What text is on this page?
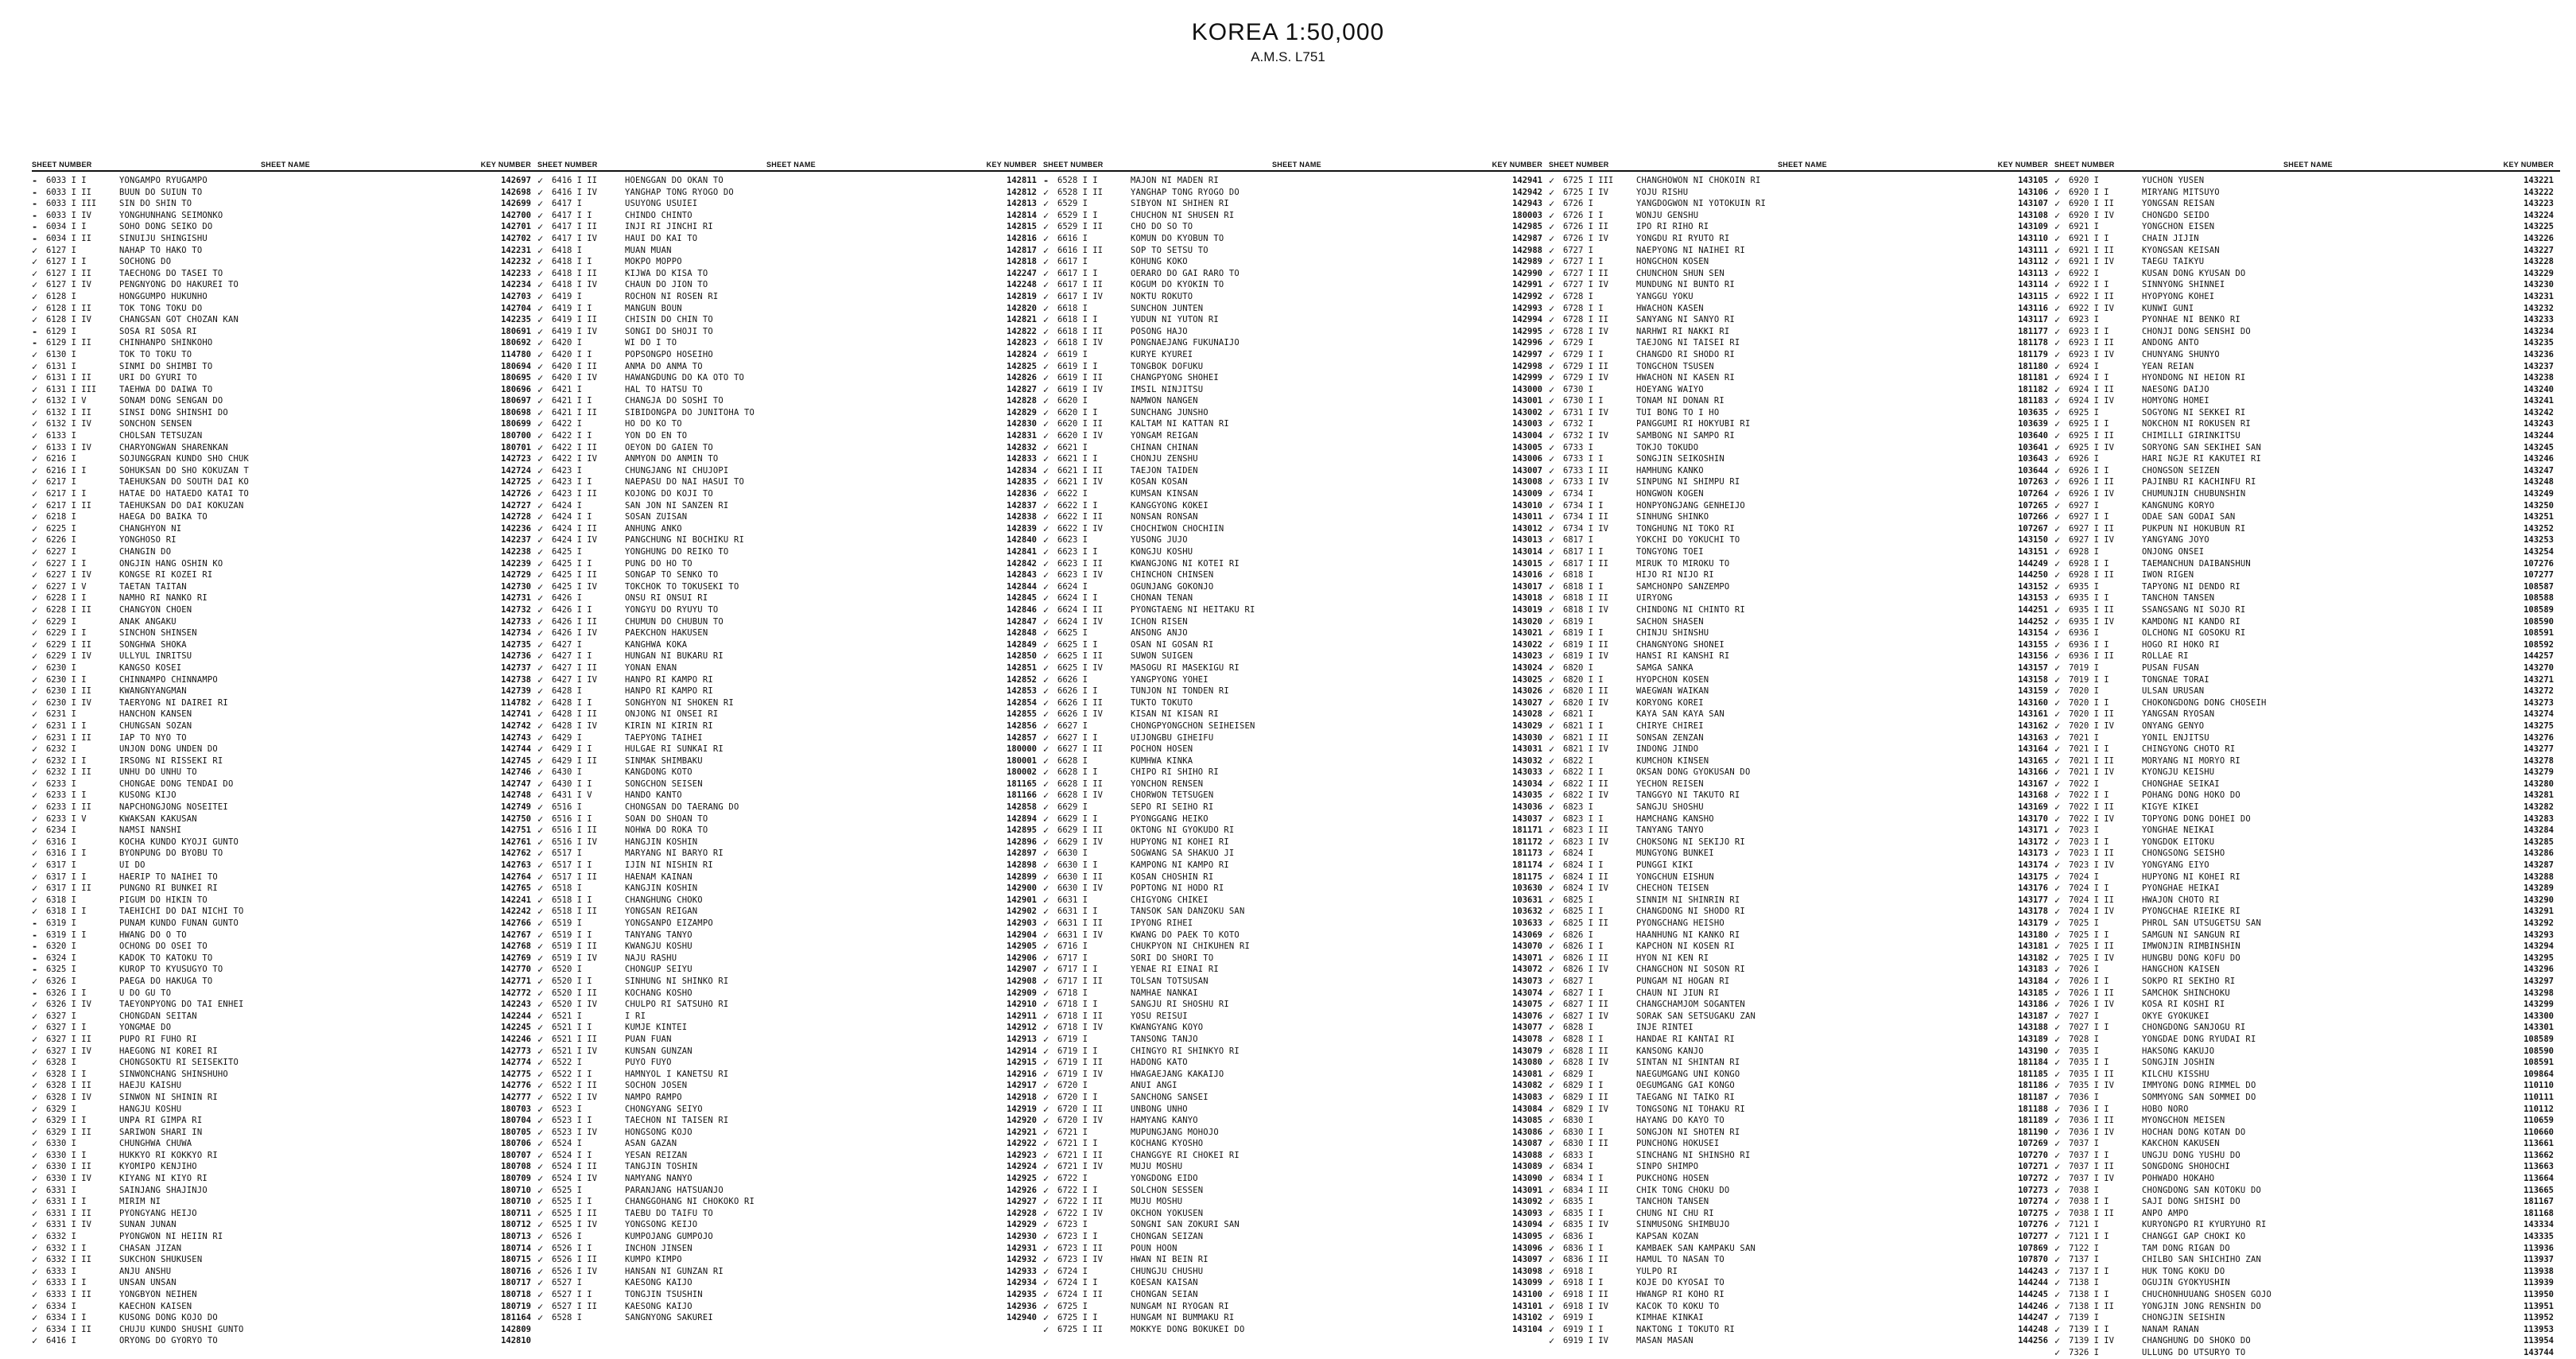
KOREA 1:50,000
A.M.S. L751
SHEET NUMBER	SHEET NAME	KEY NUMBER
-	6033 I I	YONGAMPO RYUGAMPO	142697
-	6033 I II	BUUN DO SUIUN TO	142698
-	6033 I III	SIN DO SHIN TO	142699
-	6033 I IV	YONGHUNHANG SEIMONKO	142700
-	6034 I I	SOHO DONG SEIKO DO	142701
-	6034 I II	SINUIJU SHINGISHU	142702
✓	6127 I	NAHAP TO HAKO TO	142231
✓	6127 I I	SOCHONG DO	142232
✓	6127 I II	TAECHONG DO TASEI TO	142233
✓	6127 I IV	PENGNYONG DO HAKUREI TO	142234
✓	6128 I	HONGGUMPO HUKUNHO	142703
✓	6128 I II	TOK TONG TOKU DO	142704
✓	6128 I IV	CHANGSAN GOT CHOZAN KAN	142235
-	6129 I	SOSA RI SOSA RI	180691
-	6129 I II	CHINHANPO SHINKOHO	180692
✓	6130 I	TOK TO TOKU TO	114780
✓	6131 I	SINMI DO SHIMBI TO	180694
✓	6131 I II	URI DO GYURI TO	180695
✓	6131 I III	TAEHWA DO DAIWA TO	180696
✓	6132 I V	SONAM DONG SENGAN DO	180697
✓	6132 I II	SINSI DONG SHINSHI DO	180698
✓	6132 I IV	SONCHON SENSEN	180699
✓	6133 I	CHOLSAN TETSUZAN	180700
✓	6133 I IV	CHARYONGWAN SHARENKAN	180701
✓	6216 I	SOJUNGGRAN KUNDO SHO CHUK	142723
✓	6216 I I	SOHUKSAN DO SHO KOKUZAN T	142724
✓	6217 I	TAEHUKSAN DO SOUTH DAI KO	142725
✓	6217 I I	HATAE DO HATAEDO KATAI TO	142726
✓	6217 I II	TAEHUKSAN DO DAI KOKUZAN	142727
✓	6218 I	HAEGA DO BAIKA TO	142728
✓	6225 I	CHANGHYON NI	142236
✓	6226 I	YONGHOSO RI	142237
✓	6227 I	CHANGIN DO	142238
✓	6227 I I	ONGJIN HANG OSHIN KO	142239
✓	6227 I IV	KONGSE RI KOZEI RI	142729
✓	6227 I V	TAETAN TAITAN	142730
✓	6228 I I	NAMHO RI NANKO RI	142731
✓	6228 I II	CHANGYON CHOEN	142732
✓	6229 I	ANAK ANGAKU	142733
✓	6229 I I	SINCHON SHINSEN	142734
✓	6229 I II	SONGHWA SHOKA	142735
✓	6229 I IV	ULLYUL INRITSU	142736
✓	6230 I	KANGSO KOSEI	142737
✓	6230 I I	CHINNAMPO CHINNAMPO	142738
✓	6230 I II	KWANGNYANGMAN	142739
✓	6230 I IV	TAERYONG NI DAIREI RI	114782
✓	6231 I	HANCHON KANSEN	142741
✓	6231 I I	CHUNGSAN SOZAN	142742
✓	6231 I II	IAP TO NYO TO	142743
✓	6232 I	UNJON DONG UNDEN DO	142744
✓	6232 I I	IRSONG NI RISSEKI RI	142745
✓	6232 I II	UNHU DO UNHU TO	142746
✓	6233 I	CHONGAE DONG TENDAI DO	142747
✓	6233 I I	KUSONG KIJO	142748
✓	6233 I II	NAPCHONGJONG NOSEITEI	142749
✓	6233 I V	KWAKSAN KAKUSAN	142750
✓	6234 I	NAMSI NANSHI	142751
✓	6316 I	KOCHA KUNDO KYOJI GUNTO	142761
✓	6316 I I	BYONPUNG DO BYOBU TO	142762
✓	6317 I	UI DO	142763
✓	6317 I I	HAERIP TO NAIHEI TO	142764
✓	6317 I II	PUNGNO RI BUNKEI RI	142765
✓	6318 I	PIGUM DO HIKIN TO	142241
✓	6318 I I	TAEHICHI DO DAI NICHI TO	142242
-	6319 I	PUNAM KUNDO FUNAN GUNTO	142766
-	6319 I I	HWANG DO O TO	142767
-	6320 I	OCHONG DO OSEI TO	142768
-	6324 I	KADOK TO KATOKU TO	142769
-	6325 I	KUROP TO KYUSUGYO TO	142770
✓	6326 I	PAEGA DO HAKUGA TO	142771
-	6326 I I	U DO GU TO	142772
✓	6326 I IV	TAEYONPYONG DO TAI ENHEI	142243
✓	6327 I	CHONGDAN SEITAN	142244
✓	6327 I I	YONGMAE DO	142245
✓	6327 I II	PUPO RI FUHO RI	142246
✓	6327 I IV	HAEGONG NI KOREI RI	142773
✓	6328 I	CHONGSOKTU RI SEISEKITO	142774
✓	6328 I I	SINWONCHANG SHINSHUHO	142775
✓	6328 I II	HAEJU KAISHU	142776
✓	6328 I IV	SINWON NI SHININ RI	142777
✓	6329 I	HANGJU KOSHU	180703
✓	6329 I I	UNPA RI GIMPA RI	180704
✓	6329 I II	SARIWON SHARI IN	180705
✓	6330 I	CHUNGHWA CHUWA	180706
✓	6330 I I	HUKKYO RI KOKKYO RI	180707
✓	6330 I II	KYOMIPO KENJIHO	180708
✓	6330 I IV	KIYANG NI KIYO RI	180709
✓	6331 I	SAINJANG SHAJINJO	180710
✓	6331 I I	MIRIM NI	180710
✓	6331 I II	PYONGYANG HEIJO	180711
✓	6331 I IV	SUNAN JUNAN	180712
✓	6332 I	PYONGWON NI HEIIN RI	180713
✓	6332 I I	CHASAN JIZAN	180714
✓	6332 I II	SUKCHON SHUKUSEN	180715
✓	6333 I	ANJU ANSHU	180716
✓	6333 I I	UNSAN UNSAN	180717
✓	6333 I II	YONGBYON NEIHEN	180718
✓	6334 I	KAECHON KAISEN	180719
✓	6334 I I	KUSONG DONG KOJO DO	181164
✓	6334 I II	CHUJU KUNDO SHUSHI GUNTO	142809
✓	6416 I	ORYONG DO GYORYO TO	142810
SHEET NUMBER	SHEET NAME	KEY NUMBER
✓	6416 I II	HOENGGAN DO OKAN TO	142811
✓	6416 I IV	YANGHAP TONG RYOGO DO	142812
✓	6417 I	USUYONG USUIEI	142813
✓	6417 I I	CHINDO CHINTO	142814
✓	6417 I II	INJI RI JINCHI RI	142815
✓	6417 I IV	HAUI DO KAI TO	142816
✓	6418 I	MUAN MUAN	142817
✓	6418 I I	MOKPO MOPPO	142818
✓	6418 I II	KIJWA DO KISA TO	142247
✓	6418 I IV	CHAUN DO JION TO	142248
✓	6419 I	ROCHON NI ROSEN RI	142819
✓	6419 I I	MANGUN BOUN	142820
✓	6419 I II	CHISIN DO CHIN TO	142821
✓	6419 I IV	SONGI DO SHOJI TO	142822
✓	6420 I	WI DO I TO	142823
✓	6420 I I	POPSONGPO HOSEIHO	142824
✓	6420 I II	ANMA DO ANMA TO	142825
✓	6420 I IV	HAWANGDUNG DO KA OTO TO	142826
✓	6421 I	HAL TO HATSU TO	142827
✓	6421 I I	CHANGJA DO SOSHI TO	142828
✓	6421 I II	SIBIDONGPA DO JUNITOHA TO	142829
✓	6422 I	HO DO KO TO	142830
✓	6422 I I	YON DO EN TO	142831
✓	6422 I II	OEYON DO GAIEN TO	142832
✓	6422 I IV	ANMYON DO ANMIN TO	142833
✓	6423 I	CHUNGJANG NI CHUJOPI	142834
✓	6423 I I	NAEPASU DO NAI HASUI TO	142835
✓	6423 I II	KOJONG DO KOJI TO	142836
✓	6424 I	SAN JON NI SANZEN RI	142837
✓	6424 I I	SOSAN ZUISAN	142838
✓	6424 I II	ANHUNG ANKO	142839
✓	6424 I IV	PANGCHUNG NI BOCHIKU RI	142840
✓	6425 I	YONGHUNG DO REIKO TO	142841
✓	6425 I I	PUNG DO HO TO	142842
✓	6425 I II	SONGAP TO SENKO TO	142843
✓	6425 I IV	TOKCHOK TO TOKUSEKI TO	142844
✓	6426 I	ONSU RI ONSUI RI	142845
✓	6426 I I	YONGYU DO RYUYU TO	142846
✓	6426 I II	CHUMUN DO CHUBUN TO	142847
✓	6426 I IV	PAEKCHON HAKUSEN	142848
✓	6427 I	KANGHWA KOKA	142849
✓	6427 I I	HUNGAN NI BUKARU RI	142850
✓	6427 I II	YONAN ENAN	142851
✓	6427 I IV	HANPO RI KAMPO RI	142852
✓	6428 I	HANPO RI KAMPO RI	142853
✓	6428 I I	SONGHYON NI SHOKEN RI	142854
✓	6428 I II	ONJONG NI ONSEI RI	142855
✓	6428 I IV	KIRIN NI KIRIN RI	142856
✓	6429 I	TAEPYONG TAIHEI	142857
✓	6429 I I	HULGAE RI SUNKAI RI	180000
✓	6429 I II	SINMAK SHIMBAKU	180001
✓	6430 I	KANGDONG KOTO	180002
✓	6430 I I	SONGCHON SEISEN	181165
✓	6431 I V	HANDO KANTO	181166
✓	6516 I	CHONGSAN DO TAERANG DO	142858
✓	6516 I I	SOAN DO SHOAN TO	142894
✓	6516 I II	NOHWA DO ROKA TO	142895
✓	6516 I IV	HANGJIN KOSHIN	142896
✓	6517 I	MARYANG NI BARYO RI	142897
✓	6517 I I	IJIN NI NISHIN RI	142898
✓	6517 I II	HAENAM KAINAN	142899
✓	6518 I	KANGJIN KOSHIN	142900
✓	6518 I I	CHANGHUNG CHOKO	142901
✓	6518 I II	YONGSAN REIGAN	142902
✓	6519 I	YONGSANPO EIZAMPO	142903
✓	6519 I I	TANYANG TANYO	142904
✓	6519 I II	KWANGJU KOSHU	142905
✓	6519 I IV	NAJU RASHU	142906
✓	6520 I	CHONGUP SEIYU	142907
✓	6520 I I	SINHUNG NI SHINKO RI	142908
✓	6520 I II	KOCHANG KOSHO	142909
✓	6520 I IV	CHULPO RI SATSUHO RI	142910
✓	6521 I	I RI	142911
✓	6521 I I	KUMJE KINTEI	142912
✓	6521 I II	PUAN FUAN	142913
✓	6521 I IV	KUNSAN GUNZAN	142914
✓	6522 I	PUYO FUYO	142915
✓	6522 I I	HAMNYOL I KANETSU RI	142916
✓	6522 I II	SOCHON JOSEN	142917
✓	6522 I IV	NAMPO RAMPO	142918
✓	6523 I	CHONGYANG SEIYO	142919
✓	6523 I I	TAECHON NI TAISEN RI	142920
✓	6523 I IV	HONGSONG KOJO	142921
✓	6524 I	ASAN GAZAN	142922
✓	6524 I I	YESAN REIZAN	142923
✓	6524 I II	TANGJIN TOSHIN	142924
✓	6524 I IV	NAMYANG NANYO	142925
✓	6525 I	PARANJANG HATSUANJO	142926
✓	6525 I I	CHANGGOHANG NI CHOKOKO RI	142927
✓	6525 I II	TAEBU DO TAIFU TO	142928
✓	6525 I IV	YONGSONG KEIJO	142929
✓	6526 I	KUMPOJANG GUMPOJO	142930
✓	6526 I I	INCHON JINSEN	142931
✓	6526 I II	KUMPO KIMPO	142932
✓	6526 I IV	HANSAN NI GUNZAN RI	142933
✓	6527 I	KAESONG KAIJO	142934
✓	6527 I I	TONGJIN TSUSHIN	142935
✓	6527 I II	KAESONG KAIJO	142936
✓	6528 I	SANGNYONG SAKUREI	142940
SHEET NUMBER	SHEET NAME	KEY NUMBER
-	6528 I I	MAJON NI MADEN RI	142941
✓	6528 I II	YANGHAP TONG RYOGO DO	142942
✓	6529 I	SIBYON NI SHIHEN RI	142943
✓	6529 I I	CHUCHON NI SHUSEN RI	180003
✓	6529 I II	CHO DO SO TO	142985
✓	6616 I	KOMUN DO KYOBUN TO	142987
✓	6616 I II	SOP TO SETSU TO	142988
✓	6617 I	KOHUNG KOKO	142989
✓	6617 I I	OERARO DO GAI RARO TO	142990
✓	6617 I II	KOGUM DO KYOKIN TO	142991
✓	6617 I IV	NOKTU ROKUTO	142992
✓	6618 I	SUNCHON JUNTEN	142993
✓	6618 I I	YUDUN NI YUTON RI	142994
✓	6618 I II	POSONG HAJO	142995
✓	6618 I IV	PONGNAEJANG FUKUNAIJO	142996
✓	6619 I	KURYE KYUREI	142997
✓	6619 I I	TONGBOK DOFUKU	142998
✓	6619 I II	CHANGPYONG SHOHEI	142999
✓	6619 I IV	IMSIL NINJITSU	143000
✓	6620 I	NAMWON NANGEN	143001
✓	6620 I I	SUNCHANG JUNSHO	143002
✓	6620 I II	KALTAM NI KATTAN RI	143003
✓	6620 I IV	YONGAM REIGAN	143004
✓	6621 I	CHINAN CHINAN	143005
✓	6621 I I	CHONJU ZENSHU	143006
✓	6621 I II	TAEJON TAIDEN	143007
✓	6621 I IV	KOSAN KOSAN	143008
✓	6622 I	KUMSAN KINSAN	143009
✓	6622 I I	KANGGYONG KOKEI	143010
✓	6622 I II	NONSAN RONSAN	143011
✓	6622 I IV	CHOCHIWON CHOCHIIN	143012
✓	6623 I	YUSONG JUJO	143013
✓	6623 I I	KONGJU KOSHU	143014
✓	6623 I II	KWANGJONG NI KOTEI RI	143015
✓	6623 I IV	CHINCHON CHINSEN	143016
✓	6624 I	OGUNJANG GOKONJO	143017
✓	6624 I I	CHONAN TENAN	143018
✓	6624 I II	PYONGTAENG NI HEITAKU RI	143019
✓	6624 I IV	ICHON RISEN	143020
✓	6625 I	ANSONG ANJO	143021
✓	6625 I I	OSAN NI GOSAN RI	143022
✓	6625 I II	SUWON SUIGEN	143023
✓	6625 I IV	MASOGU RI MASEKIGU RI	143024
✓	6626 I	YANGPYONG YOHEI	143025
✓	6626 I I	TUNJON NI TONDEN RI	143026
✓	6626 I II	TUKTO TOKUTO	143027
✓	6626 I IV	KISAN NI KISAN RI	143028
✓	6627 I	CHONGPYONGCHON SEIHEISEN	143029
✓	6627 I I	UIJONGBU GIHEIFU	143030
✓	6627 I II	POCHON HOSEN	143031
✓	6628 I	KUMHWA KINKA	143032
✓	6628 I I	CHIPO RI SHIHO RI	143033
✓	6628 I II	YONCHON RENSEN	143034
✓	6628 I IV	CHORWON TETSUGEN	143035
✓	6629 I	SEPO RI SEIHO RI	143036
✓	6629 I I	PYONGGANG HEIKO	143037
✓	6629 I II	OKTONG NI GYOKUDO RI	181171
✓	6629 I IV	HUPYONG NI KOHEI RI	181172
✓	6630 I	SOGWANG SA SHAKUO JI	181173
✓	6630 I I	KAMPONG NI KAMPO RI	181174
✓	6630 I II	KOSAN CHOSHIN RI	181175
✓	6630 I IV	POPTONG NI HODO RI	103630
✓	6631 I	CHIGYONG CHIKEI	103631
✓	6631 I I	TANSOK SAN DANZOKU SAN	103632
✓	6631 I II	IPYONG RIHEI	103633
✓	6631 I IV	KWANG DO PAEK TO KOTO	143069
✓	6716 I	CHUKPYON NI CHIKUHEN RI	143070
✓	6717 I	SORI DO SHORI TO	143071
✓	6717 I I	YENAE RI EINAI RI	143072
✓	6717 I II	TOLSAN TOTSUSAN	143073
✓	6718 I	NAMHAE NANKAI	143074
✓	6718 I I	SANGJU RI SHOSHU RI	143075
✓	6718 I II	YOSU REISUI	143076
✓	6718 I IV	KWANGYANG KOYO	143077
✓	6719 I	TANSONG TANJO	143078
✓	6719 I I	CHINGYO RI SHINKYO RI	143079
✓	6719 I II	HADONG KATO	143080
✓	6719 I IV	HWAGAEJANG KAKAIJO	143081
✓	6720 I	ANUI ANGI	143082
✓	6720 I I	SANCHONG SANSEI	143083
✓	6720 I II	UNBONG UNHO	143084
✓	6720 I IV	HAMYANG KANYO	143085
✓	6721 I	MUPUNGJANG MOHOJO	143086
✓	6721 I I	KOCHANG KYOSHO	143087
✓	6721 I II	CHANGGYE RI CHOKEI RI	143088
✓	6721 I IV	MUJU MOSHU	143089
✓	6722 I	YONGDONG EIDO	143090
✓	6722 I I	SOLCHON SESSEN	143091
✓	6722 I II	MUJU MOSHU	143092
✓	6722 I IV	OKCHON YOKUSEN	143093
✓	6723 I	SONGNI SAN ZOKURI SAN	143094
✓	6723 I I	CHONGAN SEIZAN	143095
✓	6723 I II	POUN HOON	143096
✓	6723 I IV	HWAN NI BEIN RI	143097
✓	6724 I	CHUNGJU CHUSHU	143098
✓	6724 I I	KOESAN KAISAN	143099
✓	6724 I II	CHONGAN SEIAN	143100
✓	6725 I	NUNGAM NI RYOGAN RI	143101
✓	6725 I I	HUNGAM NI BUMMAKU RI	143102
✓	6725 I II	MOKKYE DONG BOKUKEI DO	143104
SHEET NUMBER	SHEET NAME	KEY NUMBER
✓	6725 I III	CHANGHOWON NI CHOKOIN RI	143105
✓	6725 I IV	YOJU RISHU	143106
✓	6726 I	YANGDOGWON NI YOTOKUIN RI	143107
✓	6726 I I	WONJU GENSHU	143108
✓	6726 I II	IPO RI RIHO RI	143109
✓	6726 I IV	YONGDU RI RYUTO RI	143110
✓	6727 I	NAEPYONG NI NAIHEI RI	143111
✓	6727 I I	HONGCHON KOSEN	143112
✓	6727 I II	CHUNCHON SHUN SEN	143113
✓	6727 I IV	MUNDUNG NI BUNTO RI	143114
✓	6728 I	YANGGU YOKU	143115
✓	6728 I I	HWACHON KASEN	143116
✓	6728 I II	SANYANG NI SANYO RI	143117
✓	6728 I IV	NARHWI RI NAKKI RI	181177
✓	6729 I	TAEJONG NI TAISEI RI	181178
✓	6729 I I	CHANGDO RI SHODO RI	181179
✓	6729 I II	TONGCHON TSUSEN	181180
✓	6729 I IV	HWACHON NI KASEN RI	181181
✓	6730 I	HOEYANG WAIYO	181182
✓	6730 I I	TONAM NI DONAN RI	181183
✓	6731 I IV	TUI BONG TO I HO	103635
✓	6732 I	PANGGUMI RI HOKYUBI RI	103639
✓	6732 I IV	SAMBONG NI SAMPO RI	103640
✓	6733 I	TOKJO TOKUDO	103641
✓	6733 I I	SONGJIN SEIKOSHIN	103643
✓	6733 I II	HAMHUNG KANKO	103644
✓	6733 I IV	SINPUNG NI SHIMPU RI	107263
✓	6734 I	HONGWON KOGEN	107264
✓	6734 I I	HONPYONGJANG GENHEIJO	107265
✓	6734 I II	SINHUNG SHINKO	107266
✓	6734 I IV	TONGHUNG NI TOKO RI	107267
✓	6817 I	YOKCHI DO YOKUCHI TO	143150
✓	6817 I I	TONGYONG TOEI	143151
✓	6817 I II	MIRUK TO MIROKU TO	144249
✓	6818 I	HIJO RI NIJO RI	144250
✓	6818 I I	SAMCHONPO SANZEMPO	143152
✓	6818 I II	UIRYONG	143153
✓	6818 I IV	CHINDONG NI CHINTO RI	144251
✓	6819 I	SACHON SHASEN	144252
✓	6819 I I	CHINJU SHINSHU	143154
✓	6819 I II	CHANGNYONG SHONEI	143155
✓	6819 I IV	HANSI RI KANSHI RI	143156
✓	6820 I	SAMGA SANKA	143157
✓	6820 I I	HYOPCHON KOSEN	143158
✓	6820 I II	WAEGWAN WAIKAN	143159
✓	6820 I IV	KORYONG KOREI	143160
✓	6821 I	KAYA SAN KAYA SAN	143161
✓	6821 I I	CHIRYE CHIREI	143162
✓	6821 I II	SONSAN ZENZAN	143163
✓	6821 I IV	INDONG JINDO	143164
✓	6822 I	KUMCHON KINSEN	143165
✓	6822 I I	OKSAN DONG GYOKUSAN DO	143166
✓	6822 I II	YECHON REISEN	143167
✓	6822 I IV	TANGGYO NI TAKUTO RI	143168
✓	6823 I	SANGJU SHOSHU	143169
✓	6823 I I	HAMCHANG KANSHO	143170
✓	6823 I II	TANYANG TANYO	143171
✓	6823 I IV	CHOKSONG NI SEKIJO RI	143172
✓	6824 I	MUNGYONG BUNKEI	143173
✓	6824 I I	PUNGGI KIKI	143174
✓	6824 I II	YONGCHUN EISHUN	143175
✓	6824 I IV	CHECHON TEISEN	143176
✓	6825 I	SINNIM NI SHINRIN RI	143177
✓	6825 I I	CHANGDONG NI SHODO RI	143178
✓	6825 I II	PYONGCHANG HEISHO	143179
✓	6826 I	HAANHUNG NI KANKO RI	143180
✓	6826 I I	KAPCHON NI KOSEN RI	143181
✓	6826 I II	HYON NI KEN RI	143182
✓	6826 I IV	CHANGCHON NI SOSON RI	143183
✓	6827 I	PUNGAM NI HOGAN RI	143184
✓	6827 I I	CHAUN NI JIUN RI	143185
✓	6827 I II	CHANGCHAMJOM SOGANTEN	143186
✓	6827 I IV	SORAK SAN SETSUGAKU ZAN	143187
✓	6828 I	INJE RINTEI	143188
✓	6828 I I	HANDAE RI KANTAI RI	143189
✓	6828 I II	KANSONG KANJO	143190
✓	6828 I IV	SINTAN NI SHINTAN RI	181184
✓	6829 I	NAEGUMGANG UNI KONGO	181185
✓	6829 I I	OEGUMGANG GAI KONGO	181186
✓	6829 I II	TAEGANG NI TAIKO RI	181187
✓	6829 I IV	TONGSONG NI TOHAKU RI	181188
✓	6830 I	HAYANG DO KAYO TO	181189
✓	6830 I I	SONGJON NI SHOTEN RI	181190
✓	6830 I II	PUNCHONG HOKUSEI	107269
✓	6833 I	SINCHANG NI SHINSHO RI	107270
✓	6834 I	SINPO SHIMPO	107271
✓	6834 I I	PUKCHONG HOSEN	107272
✓	6834 I II	CHIK TONG CHOKU DO	107273
✓	6835 I	TANCHON TANSEN	107274
✓	6835 I I	CHUNG NI CHU RI	107275
✓	6835 I IV	SINMUSONG SHIMBUJO	107276
✓	6836 I	KAPSAN KOZAN	107277
✓	6836 I I	KAMBAEK SAN KAMPAKU SAN	107869
✓	6836 I II	HAMUL TO NASAN TO	107870
✓	6918 I	YULPO RI	144243
✓	6918 I I	KOJE DO KYOSAI TO	144244
✓	6918 I II	HWANGP RI KOHO RI	144245
✓	6918 I IV	KACOK TO KOKU TO	144246
✓	6919 I	KIMHAE KINKAI	144247
✓	6919 I I	NAKTONG I TOKUTO RI	144248
✓	6919 I IV	MASAN MASAN	144256
SHEET NUMBER	SHEET NAME	KEY NUMBER
✓	6920 I	YUCHON YUSEN	143221
✓	6920 I I	MIRYANG MITSUYO	143222
✓	6920 I II	YONGSAN REISAN	143223
✓	6920 I IV	CHONGDO SEIDO	143224
✓	6921 I	YONGCHON EISEN	143225
✓	6921 I I	CHAIN JIJIN	143226
✓	6921 I II	KYONGSAN KEISAN	143227
✓	6921 I IV	TAEGU TAIKYU	143228
✓	6922 I	KUSAN DONG KYUSAN DO	143229
✓	6922 I I	SINNYONG SHINNEI	143230
✓	6922 I II	HYOPYONG KOHEI	143231
✓	6922 I IV	KUNWI GUNI	143232
✓	6923 I	PYONHAE NI BENKO RI	143233
✓	6923 I I	CHONJI DONG SENSHI DO	143234
✓	6923 I II	ANDONG ANTO	143235
✓	6923 I IV	CHUNYANG SHUNYO	143236
✓	6924 I	YEAN REIAN	143237
✓	6924 I I	HYONDONG NI HEION RI	143238
✓	6924 I II	NAESONG DAIJO	143240
✓	6924 I IV	HOMYONG HOMEI	143241
✓	6925 I	SOGYONG NI SEKKEI RI	143242
✓	6925 I I	NOKCHON NI ROKUSEN RI	143243
✓	6925 I II	CHIMILLI GIRINKITSU	143244
✓	6925 I IV	SORYONG SAN SEKIHEI SAN	143245
✓	6926 I	HARI NGJE RI KAKUTEI RI	143246
✓	6926 I I	CHONGSON SEIZEN	143247
✓	6926 I II	PAJINBU RI KACHINFU RI	143248
✓	6926 I IV	CHUMUNJIN CHUBUNSHIN	143249
✓	6927 I	KANGNUNG KORYO	143250
✓	6927 I I	ODAE SAN GODAI SAN	143251
✓	6927 I II	PUKPUN NI HOKUBUN RI	143252
✓	6927 I IV	YANGYANG JOYO	143253
✓	6928 I	ONJONG ONSEI	143254
✓	6928 I I	TAEMANCHUN DAIBANSHUN	107276
✓	6928 I II	IWON RIGEN	107277
✓	6935 I	TAPYONG NI DENDO RI	108587
✓	6935 I I	TANCHON TANSEN	108588
✓	6935 I II	SSANGSANG NI SOJO RI	108589
✓	6935 I IV	KAMDONG NI KANDO RI	108590
✓	6936 I	OLCHONG NI GOSOKU RI	108591
✓	6936 I I	HOGO RI HOKO RI	108592
✓	6936 I II	ROLLAE RI	144257
✓	7019 I	PUSAN FUSAN	143270
✓	7019 I I	TONGNAE TORAI	143271
✓	7020 I	ULSAN URUSAN	143272
✓	7020 I I	CHOKONGDONG DONG CHOSEIH	143273
✓	7020 I II	YANGSAN RYOSAN	143274
✓	7020 I IV	ONYANG GENYO	143275
✓	7021 I	YONIL ENJITSU	143276
✓	7021 I I	CHINGYONG CHOTO RI	143277
✓	7021 I II	MORYANG NI MORYO RI	143278
✓	7021 I IV	KYONGJU KEISHU	143279
✓	7022 I	CHONGHAE SEIKAI	143280
✓	7022 I I	POHANG DONG HOKO DO	143281
✓	7022 I II	KIGYE KIKEI	143282
✓	7022 I IV	TOPYONG DONG DOHEI DO	143283
✓	7023 I	YONGHAE NEIKAI	143284
✓	7023 I I	YONGDOK EITOKU	143285
✓	7023 I II	CHONGSONG SEISHO	143286
✓	7023 I IV	YONGYANG EIYO	143287
✓	7024 I	HUPYONG NI KOHEI RI	143288
✓	7024 I I	PYONGHAE HEIKAI	143289
✓	7024 I II	HWAJON CHOTO RI	143290
✓	7024 I IV	PYONGCHAE RIEIKE RI	143291
✓	7025 I	PHROL SAN UTSUGETSU SAN	143292
✓	7025 I I	SAMGUN NI SANGUN RI	143293
✓	7025 I II	IMWONJIN RIMBINSHIN	143294
✓	7025 I IV	HUNGBU DONG KOFU DO	143295
✓	7026 I	HANGCHON KAISEN	143296
✓	7026 I I	SOKPO RI SEKIHO RI	143297
✓	7026 I II	SAMCHOK SHINCHOKU	143298
✓	7026 I IV	KOSA RI KOSHI RI	143299
✓	7027 I	OKYE GYOKUKEI	143300
✓	7027 I I	CHONGDONG SANJOGU RI	143301
✓	7028 I	YONGDAE DONG RYUDAI RI	108589
✓	7035 I	HAKSONG KAKUJO	108590
✓	7035 I I	SONGJIN JOSHIN	108591
✓	7035 I II	KILCHU KISSHU	109864
✓	7035 I IV	IMMYONG DONG RIMMEL DO	110110
✓	7036 I	SOMMYONG SAN SOMMEI DO	110111
✓	7036 I I	HOBO NORO	110112
✓	7036 I II	MYONGCHON MEISEN	110659
✓	7036 I IV	HOCHAN DONG KOTAN DO	110660
✓	7037 I	KAKCHON KAKUSEN	113661
✓	7037 I I	UNGJU DONG YUSHU DO	113662
✓	7037 I II	SONGDONG SHOHOCHI	113663
✓	7037 I IV	POHWADO HOKAHO	113664
✓	7038 I	CHONGDONG SAN KOTOKU DO	113665
✓	7038 I I	SAJI DONG SHISHI DO	181167
✓	7038 I II	ANPO AMPO	181168
✓	7121 I	KURYONGPO RI KYURYUHO RI	143334
✓	7121 I I	CHANGGI GAP CHOKI KO	143335
✓	7122 I	TAM DONG RIGAN DO	113936
✓	7137 I	CHILBO SAN SHICHIHO ZAN	113937
✓	7137 I I	HUK TONG KOKU DO	113938
✓	7138 I	OGUJIN GYOKYUSHIN	113939
✓	7138 I I	CHUCHONHUUANG SHOSEN GOJO	113950
✓	7138 I II	YONGJIN JONG RENSHIN DO	113951
✓	7139 I	CHONGJIN SEISHIN	113952
✓	7139 I I	NANAM RANAN	113953
✓	7139 I IV	CHANGHUNG DO SHOKO DO	113954
✓	7326 I	ULLUNG DO UTSURYO TO	143744
